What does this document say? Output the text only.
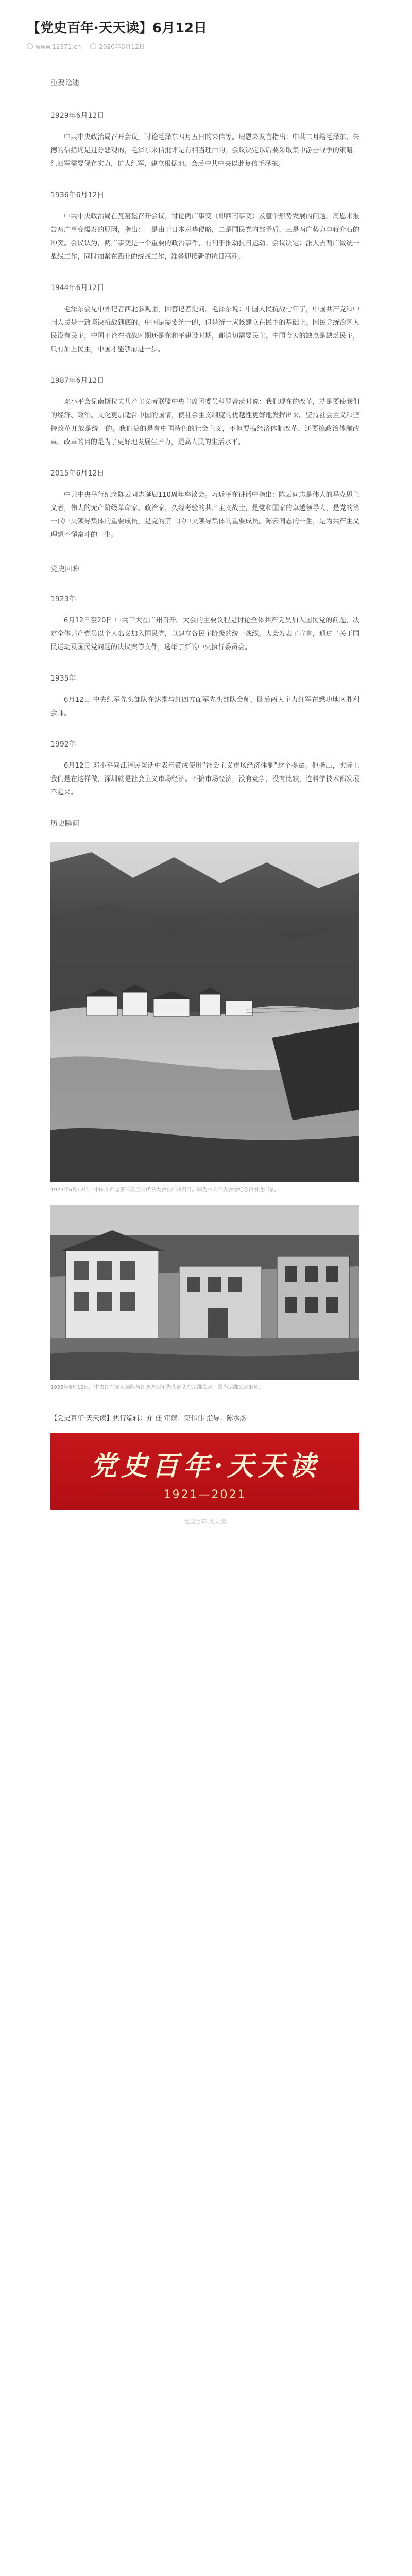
【党史百年·天天读】6月12日
www.12371.cn	2020年6月12日

重要论述

1929年6月12日

中共中央政治局召开会议，讨论毛泽东四月五日的来信等。周恩来发言指出：中共二月给毛泽东、朱德的信措词是过分悲观的，毛泽东来信批评是有相当理由的。会议决定以后要采取集中游击战争的策略，红四军需要保存实力，扩大红军，建立根据地。会后中共中央以此复信毛泽东。

1936年6月12日

中共中央政治局在瓦窑堡召开会议，讨论两广事变（即西南事变）及整个形势发展的问题。周恩来报告两广事变爆发的原因，指出：一是由于日本对华侵略，二是国民党内部矛盾，三是两广势力与蒋介石的冲突。会议认为，两广事变是一个重要的政治事件，有利于推动抗日运动。会议决定：派人去两广做统一战线工作，同时加紧在西北的统战工作，准备迎接新的抗日高潮。

1944年6月12日

毛泽东会见中外记者西北参观团，回答记者提问。毛泽东说：中国人民抗战七年了，中国共产党和中国人民是一致坚决抗战到底的。中国是需要统一的，但是统一应该建立在民主的基础上。国民党统治区人民没有民主，中国不论在抗战时期还是在和平建设时期，都迫切需要民主。中国今天的缺点是缺乏民主，只有加上民主，中国才能够前进一步。

1987年6月12日

邓小平会见南斯拉夫共产主义者联盟中央主席团委员科罗舍茨时说：我们现在的改革，就是要使我们的经济、政治、文化更加适合中国的国情，使社会主义制度的优越性更好地发挥出来。坚持社会主义和坚持改革开放是统一的。我们搞的是有中国特色的社会主义，不但要搞经济体制改革，还要搞政治体制改革。改革的目的是为了更好地发展生产力，提高人民的生活水平。

2015年6月12日

中共中央举行纪念陈云同志诞辰110周年座谈会。习近平在讲话中指出：陈云同志是伟大的马克思主义者，伟大的无产阶级革命家、政治家，久经考验的共产主义战士，是党和国家的卓越领导人，是党的第一代中央领导集体的重要成员，是党的第二代中央领导集体的重要成员。陈云同志的一生，是为共产主义理想不懈奋斗的一生。

党史回眸

1923年

6月12日至20日 中共三大在广州召开。大会的主要议程是讨论全体共产党员加入国民党的问题，决定全体共产党员以个人名义加入国民党，以建立各民主阶级的统一战线。大会发表了宣言，通过了关于国民运动及国民党问题的决议案等文件，选举了新的中央执行委员会。

1935年

6月12日 中央红军先头部队在达维与红四方面军先头部队会师，随后两大主力红军在懋功地区胜利会师。

1992年

6月12日 邓小平同江泽民谈话中表示赞成使用“社会主义市场经济体制”这个提法。他指出，实际上我们是在这样做，深圳就是社会主义市场经济。不搞市场经济，没有竞争，没有比较，连科学技术都发展不起来。

历史瞬间

1923年6月12日，中国共产党第三次全国代表大会在广州召开。图为中共三大会址纪念馆附近旧景。

1935年6月12日，中央红军先头部队与红四方面军先头部队在达维会师。图为达维会师旧址。

【党史百年·天天读】执行编辑：介 佳 审读：第伟伟 指导：陈水杰

党史百年·天天读
1921—2021

党史百年·天天读
